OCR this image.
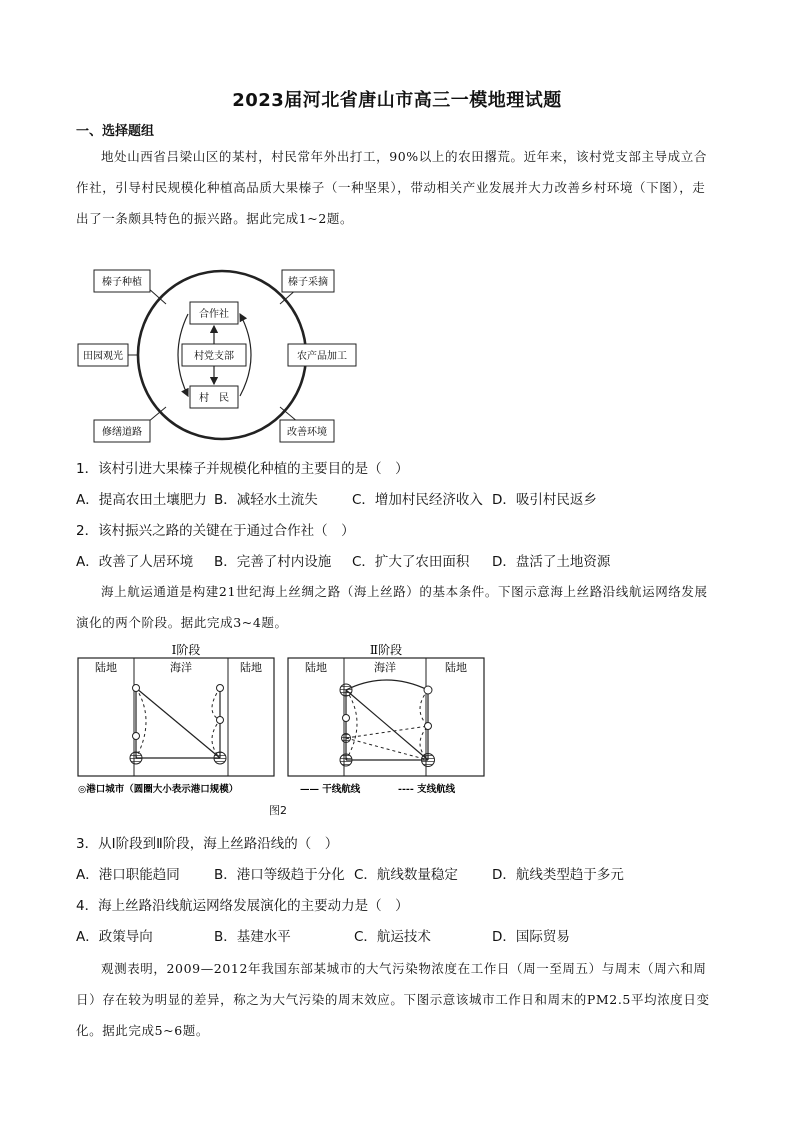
2023届河北省唐山市高三一模地理试题
一、选择题组
地处山西省吕梁山区的某村，村民常年外出打工，90%以上的农田撂荒。近年来，该村党支部主导成立合作社，引导村民规模化种植高品质大果榛子（一种坚果），带动相关产业发展并大力改善乡村环境（下图），走出了一条颇具特色的振兴路。据此完成1~2题。
榛子种植	榛子采摘
田园观光	农产品加工
修缮道路	改善环境
合作社
村党支部
村　民
1．该村引进大果榛子并规模化种植的主要目的是（　）
A．提高农田土壤肥力 B．减轻水土流失	C．增加村民经济收入 D．吸引村民返乡
2．该村振兴之路的关键在于通过合作社（　）
A．改善了人居环境 B．完善了村内设施 C．扩大了农田面积 D．盘活了土地资源
海上航运通道是构建21世纪海上丝绸之路（海上丝路）的基本条件。下图示意海上丝路沿线航运网络发展演化的两个阶段。据此完成3~4题。
Ⅰ阶段
陆地	海洋	陆地
Ⅱ阶段
陆地	海洋	陆地
◎港口城市（圆圈大小表示港口规模）	—— 干线航线	---- 支线航线
图2
3．从Ⅰ阶段到Ⅱ阶段，海上丝路沿线的（　）
A．港口职能趋同	B．港口等级趋于分化 C．航线数量稳定	D．航线类型趋于多元
4．海上丝路沿线航运网络发展演化的主要动力是（　）
A．政策导向	B．基建水平	C．航运技术	D．国际贸易
观测表明，2009—2012年我国东部某城市的大气污染物浓度在工作日（周一至周五）与周末（周六和周日）存在较为明显的差异，称之为大气污染的周末效应。下图示意该城市工作日和周末的PM2.5平均浓度日变化。据此完成5~6题。
